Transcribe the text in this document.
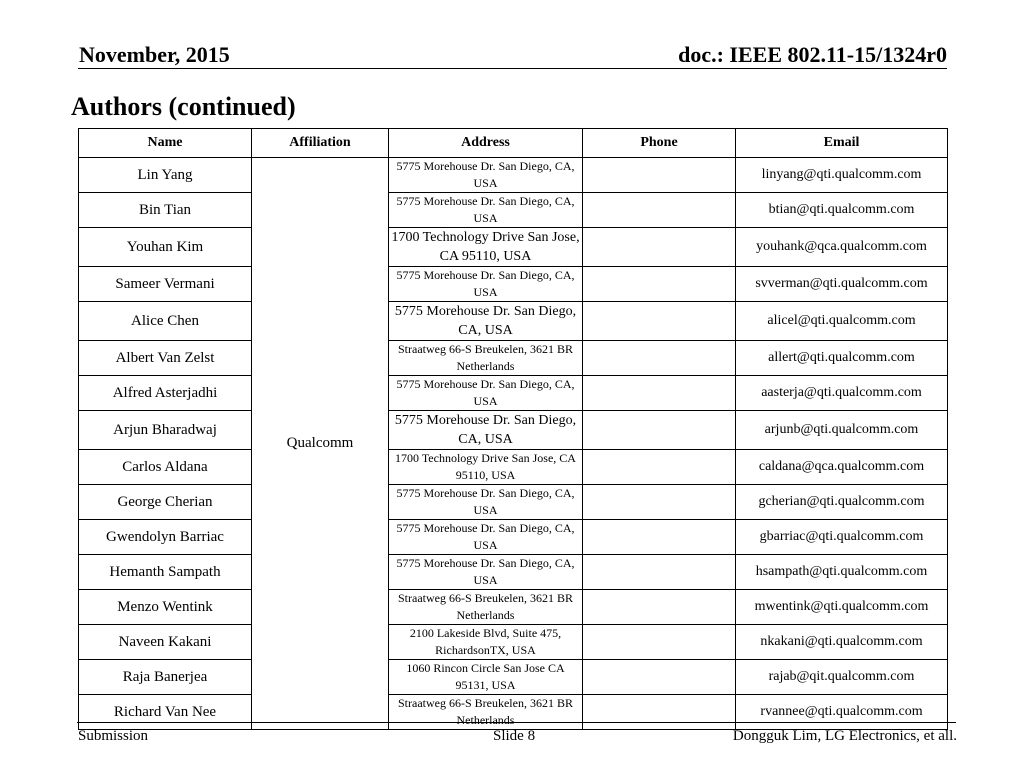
November, 2015	doc.: IEEE 802.11-15/1324r0
Authors (continued)
Name	Affiliation	Address	Phone	Email
Lin Yang	Qualcomm	5775 Morehouse Dr. San Diego, CA, USA		linyang@qti.qualcomm.com
Bin Tian		5775 Morehouse Dr. San Diego, CA, USA		btian@qti.qualcomm.com
Youhan Kim		1700 Technology Drive San Jose, CA 95110, USA		youhank@qca.qualcomm.com
Sameer Vermani		5775 Morehouse Dr. San Diego, CA, USA		svverman@qti.qualcomm.com
Alice Chen		5775 Morehouse Dr. San Diego, CA, USA		alicel@qti.qualcomm.com
Albert Van Zelst		Straatweg 66-S Breukelen, 3621 BR Netherlands		allert@qti.qualcomm.com
Alfred Asterjadhi		5775 Morehouse Dr. San Diego, CA, USA		aasterja@qti.qualcomm.com
Arjun Bharadwaj		5775 Morehouse Dr. San Diego, CA, USA		arjunb@qti.qualcomm.com
Carlos Aldana		1700 Technology Drive San Jose, CA 95110, USA		caldana@qca.qualcomm.com
George Cherian		5775 Morehouse Dr. San Diego, CA, USA		gcherian@qti.qualcomm.com
Gwendolyn Barriac		5775 Morehouse Dr. San Diego, CA, USA		gbarriac@qti.qualcomm.com
Hemanth Sampath		5775 Morehouse Dr. San Diego, CA, USA		hsampath@qti.qualcomm.com
Menzo Wentink		Straatweg 66-S Breukelen, 3621 BR Netherlands		mwentink@qti.qualcomm.com
Naveen Kakani		2100 Lakeside Blvd, Suite 475, RichardsonTX, USA		nkakani@qti.qualcomm.com
Raja Banerjea		1060 Rincon Circle San Jose CA 95131, USA		rajab@qit.qualcomm.com
Richard Van Nee		Straatweg 66-S Breukelen, 3621 BR Netherlands		rvannee@qti.qualcomm.com
Submission	Slide 8	Dongguk Lim, LG Electronics, et all.
